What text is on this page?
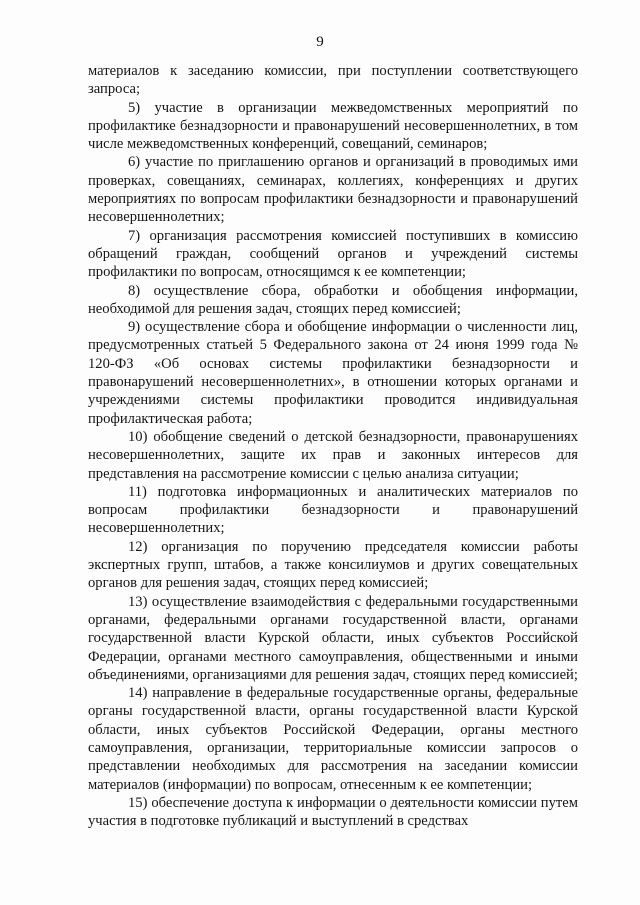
9

материалов к заседанию комиссии, при поступлении соответствующего запроса;

5) участие в организации межведомственных мероприятий по профилактике безнадзорности и правонарушений несовершеннолетних, в том числе межведомственных конференций, совещаний, семинаров;

6) участие по приглашению органов и организаций в проводимых ими проверках, совещаниях, семинарах, коллегиях, конференциях и других мероприятиях по вопросам профилактики безнадзорности и правонарушений несовершеннолетних;

7) организация рассмотрения комиссией поступивших в комиссию обращений граждан, сообщений органов и учреждений системы профилактики по вопросам, относящимся к ее компетенции;

8) осуществление сбора, обработки и обобщения информации, необходимой для решения задач, стоящих перед комиссией;

9) осуществление сбора и обобщение информации о численности лиц, предусмотренных статьей 5 Федерального закона от 24 июня 1999 года № 120-ФЗ «Об основах системы профилактики безнадзорности и правонарушений несовершеннолетних», в отношении которых органами и учреждениями системы профилактики проводится индивидуальная профилактическая работа;

10) обобщение сведений о детской безнадзорности, правонарушениях несовершеннолетних, защите их прав и законных интересов для представления на рассмотрение комиссии с целью анализа ситуации;

11) подготовка информационных и аналитических материалов по вопросам профилактики безнадзорности и правонарушений несовершеннолетних;

12) организация по поручению председателя комиссии работы экспертных групп, штабов, а также консилиумов и других совещательных органов для решения задач, стоящих перед комиссией;

13) осуществление взаимодействия с федеральными государственными органами, федеральными органами государственной власти, органами государственной власти Курской области, иных субъектов Российской Федерации, органами местного самоуправления, общественными и иными объединениями, организациями для решения задач, стоящих перед комиссией;

14) направление в федеральные государственные органы, федеральные органы государственной власти, органы государственной власти Курской области, иных субъектов Российской Федерации, органы местного самоуправления, организации, территориальные комиссии запросов о представлении необходимых для рассмотрения на заседании комиссии материалов (информации) по вопросам, отнесенным к ее компетенции;

15) обеспечение доступа к информации о деятельности комиссии путем участия в подготовке публикаций и выступлений в средствах
